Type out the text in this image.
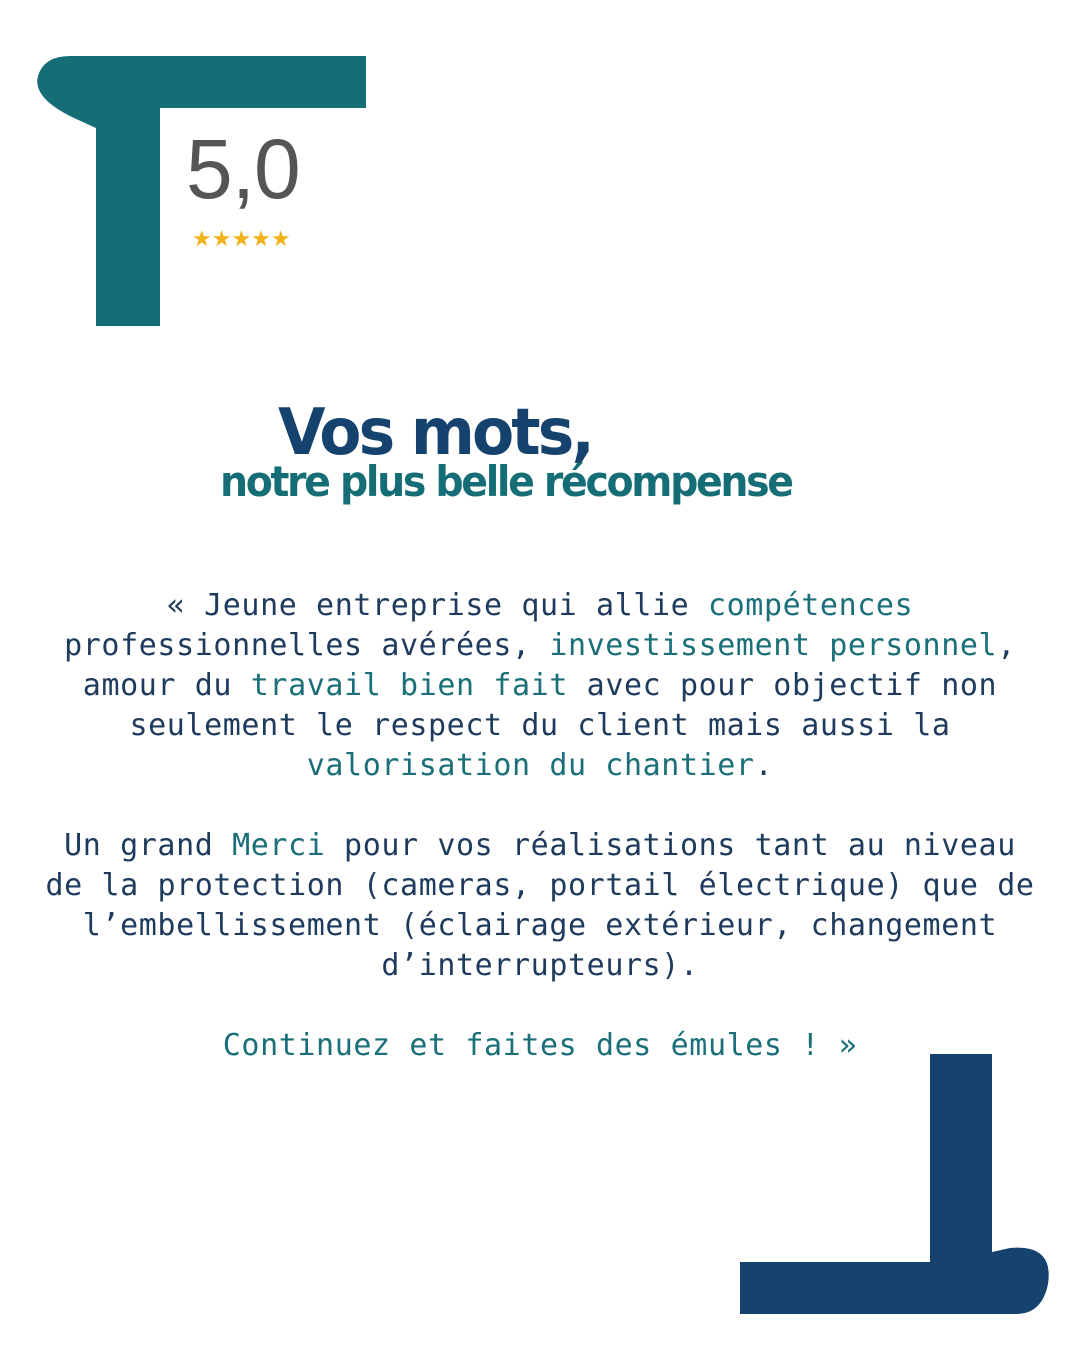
5,0
★★★★★
Vos mots,
notre plus belle récompense

« Jeune entreprise qui allie compétences professionnelles avérées, investissement personnel, amour du travail bien fait avec pour objectif non seulement le respect du client mais aussi la valorisation du chantier.

Un grand Merci pour vos réalisations tant au niveau de la protection (cameras, portail électrique) que de l’embellissement (éclairage extérieur, changement d’interrupteurs).

Continuez et faites des émules ! »
